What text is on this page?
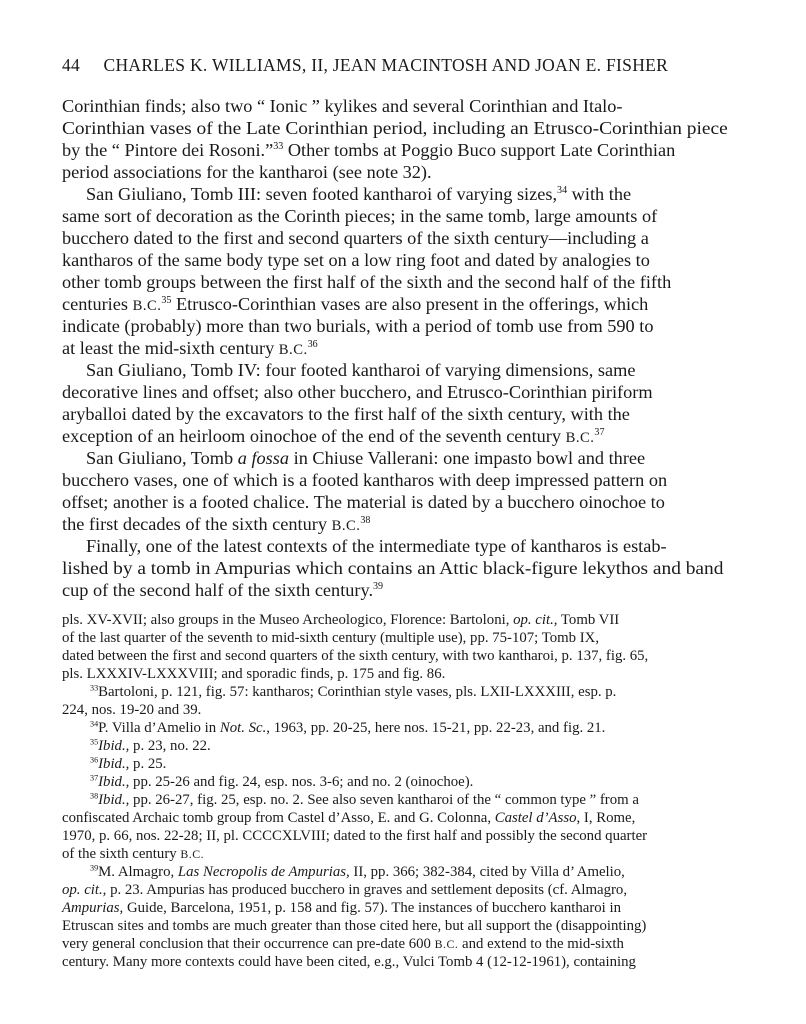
44 CHARLES K. WILLIAMS, II, JEAN MACINTOSH AND JOAN E. FISHER
Corinthian finds; also two “ Ionic ” kylikes and several Corinthian and Italo-
Corinthian vases of the Late Corinthian period, including an Etrusco-Corinthian piece
by the “ Pintore dei Rosoni.”$^{33}$ Other tombs at Poggio Buco support Late Corinthian
period associations for the kantharoi (see note 32).
San Giuliano, Tomb III: seven footed kantharoi of varying sizes,$^{34}$ with the
same sort of decoration as the Corinth pieces; in the same tomb, large amounts of
bucchero dated to the first and second quarters of the sixth century—including a
kantharos of the same body type set on a low ring foot and dated by analogies to
other tomb groups between the first half of the sixth and the second half of the fifth
centuries B.C.$^{35}$ Etrusco-Corinthian vases are also present in the offerings, which
indicate (probably) more than two burials, with a period of tomb use from 590 to
at least the mid-sixth century B.C.$^{36}$
San Giuliano, Tomb IV: four footed kantharoi of varying dimensions, same
decorative lines and offset; also other bucchero, and Etrusco-Corinthian piriform
aryballoi dated by the excavators to the first half of the sixth century, with the
exception of an heirloom oinochoe of the end of the seventh century B.C.$^{37}$
San Giuliano, Tomb a fossa in Chiuse Vallerani: one impasto bowl and three
bucchero vases, one of which is a footed kantharos with deep impressed pattern on
offset; another is a footed chalice. The material is dated by a bucchero oinochoe to
the first decades of the sixth century B.C.$^{38}$
Finally, one of the latest contexts of the intermediate type of kantharos is estab-
lished by a tomb in Ampurias which contains an Attic black-figure lekythos and band
cup of the second half of the sixth century.$^{39}$
pls. XV-XVII; also groups in the Museo Archeologico, Florence: Bartoloni, op. cit., Tomb VII
of the last quarter of the seventh to mid-sixth century (multiple use), pp. 75-107; Tomb IX,
dated between the first and second quarters of the sixth century, with two kantharoi, p. 137, fig. 65,
pls. LXXXIV-LXXXVIII; and sporadic finds, p. 175 and fig. 86.
$^{33}$Bartoloni, p. 121, fig. 57: kantharos; Corinthian style vases, pls. LXII-LXXXIII, esp. p.
224, nos. 19-20 and 39.
$^{34}$P. Villa d’Amelio in Not. Sc., 1963, pp. 20-25, here nos. 15-21, pp. 22-23, and fig. 21.
$^{35}$Ibid., p. 23, no. 22.
$^{36}$Ibid., p. 25.
$^{37}$Ibid., pp. 25-26 and fig. 24, esp. nos. 3-6; and no. 2 (oinochoe).
$^{38}$Ibid., pp. 26-27, fig. 25, esp. no. 2. See also seven kantharoi of the “ common type ” from a
confiscated Archaic tomb group from Castel d’Asso, E. and G. Colonna, Castel d’Asso, I, Rome,
1970, p. 66, nos. 22-28; II, pl. CCCCXLVIII; dated to the first half and possibly the second quarter
of the sixth century B.C.
$^{39}$M. Almagro, Las Necropolis de Ampurias, II, pp. 366; 382-384, cited by Villa d’ Amelio,
op. cit., p. 23. Ampurias has produced bucchero in graves and settlement deposits (cf. Almagro,
Ampurias, Guide, Barcelona, 1951, p. 158 and fig. 57). The instances of bucchero kantharoi in
Etruscan sites and tombs are much greater than those cited here, but all support the (disappointing)
very general conclusion that their occurrence can pre-date 600 B.C. and extend to the mid-sixth
century. Many more contexts could have been cited, e.g., Vulci Tomb 4 (12-12-1961), containing
